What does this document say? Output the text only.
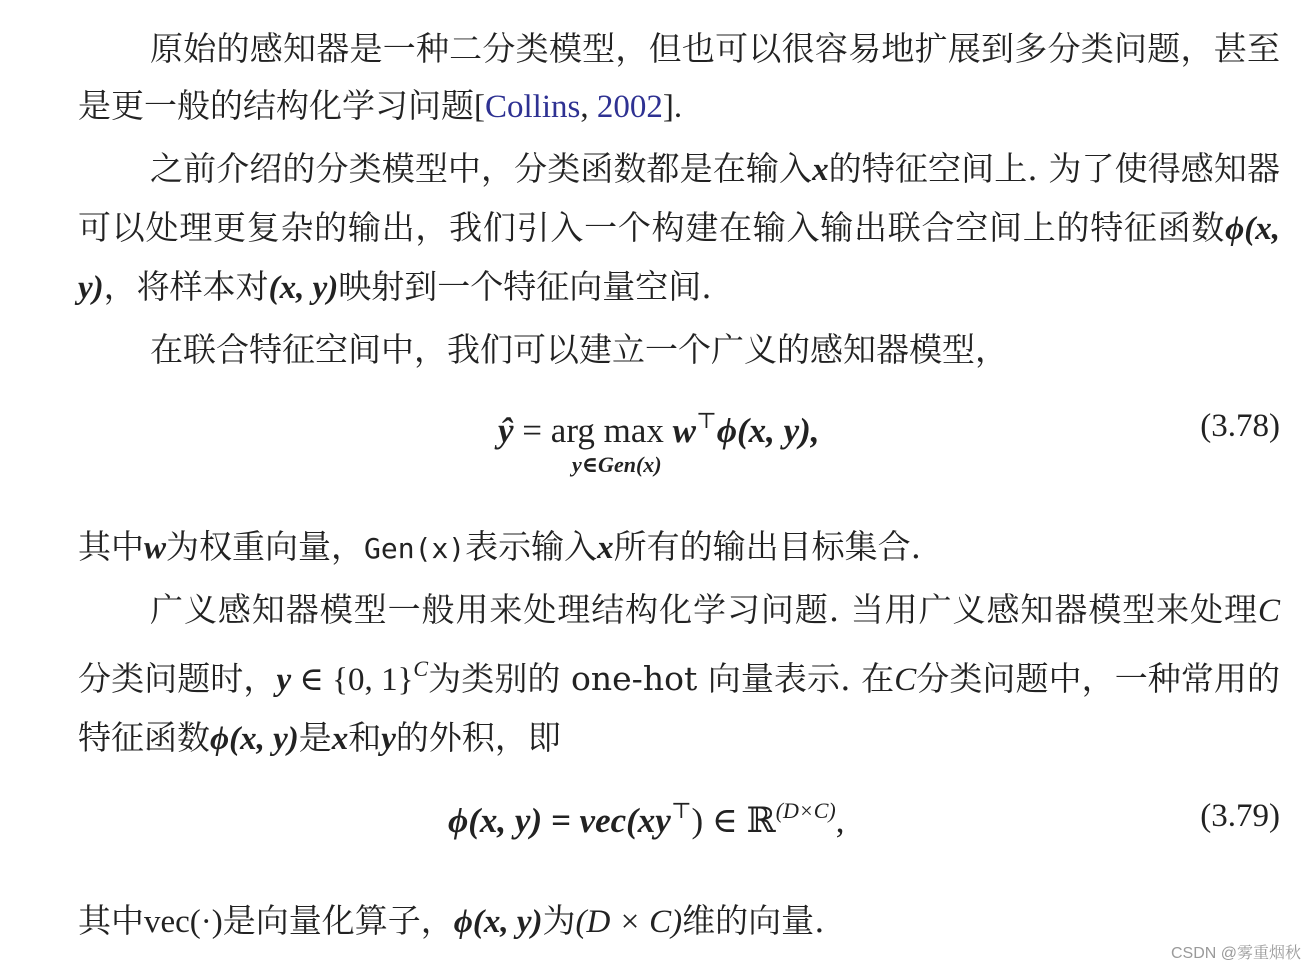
原始的感知器是一种二分类模型，但也可以很容易地扩展到多分类问题，甚至是更一般的结构化学习问题[Collins, 2002].

之前介绍的分类模型中，分类函数都是在输入x的特征空间上. 为了使得感知器可以处理更复杂的输出，我们引入一个构建在输入输出联合空间上的特征函数ϕ(x, y)，将样本对(x, y)映射到一个特征向量空间.

在联合特征空间中，我们可以建立一个广义的感知器模型，

ŷ = arg max w⊤ϕ(x, y),
y∈Gen(x)
(3.78)

其中w为权重向量，Gen(x)表示输入x所有的输出目标集合.

广义感知器模型一般用来处理结构化学习问题. 当用广义感知器模型来处理C分类问题时，y ∈ {0, 1}$^C$为类别的 one-hot 向量表示. 在C分类问题中，一种常用的特征函数ϕ(x, y)是x和y的外积，即

ϕ(x, y) = vec(xy⊤) ∈ ℝ$^{(D\times C)}$,	(3.79)

其中vec(·)是向量化算子，ϕ(x, y)为(D × C)维的向量.

CSDN @雾重烟秋
